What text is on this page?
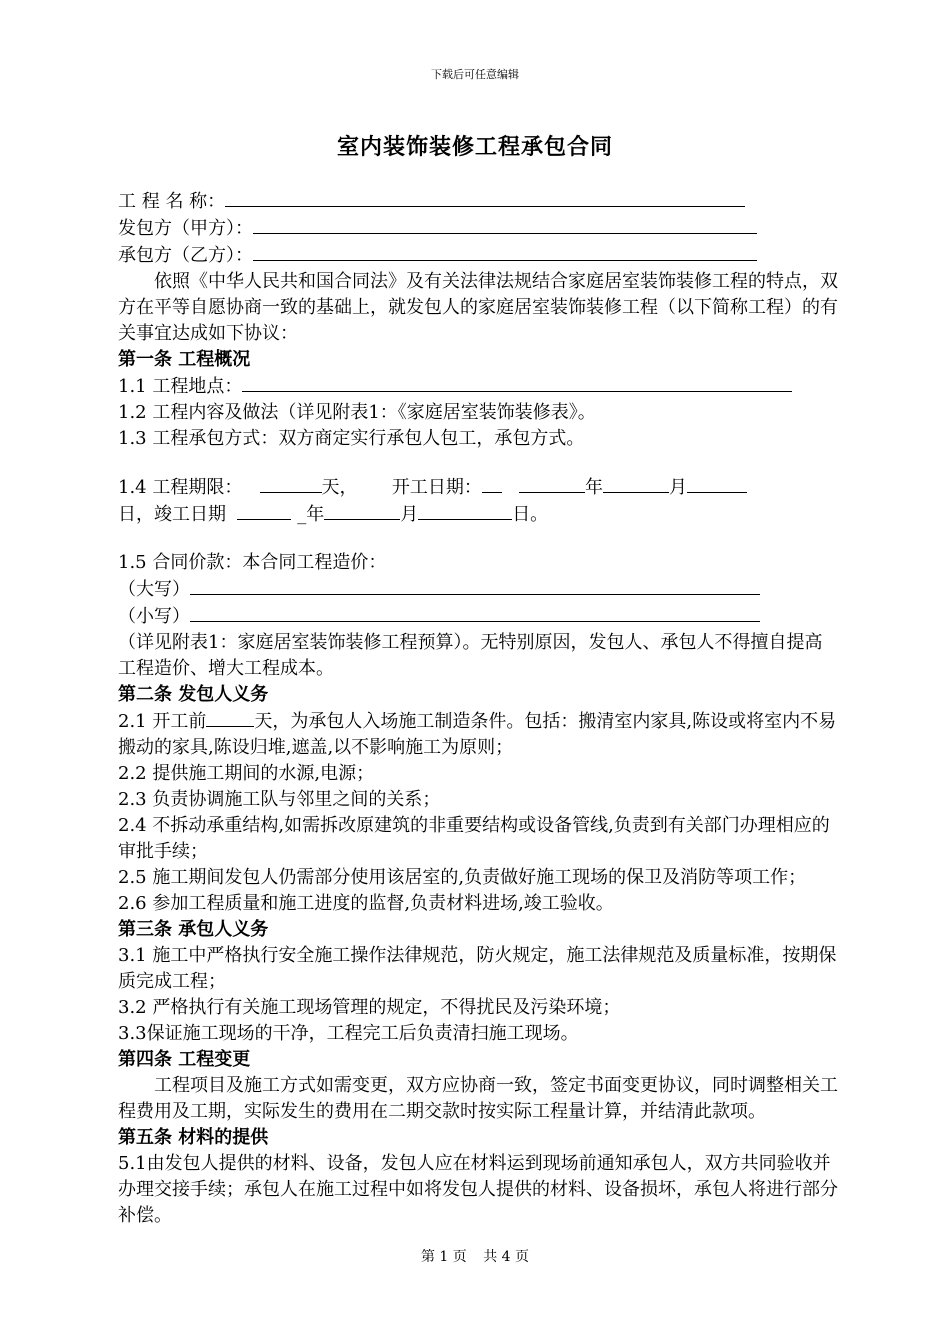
下载后可任意编辑
室内装饰装修工程承包合同

工 程 名 称：

发包方（甲方）：

承包方（乙方）：

依照《中华人民共和国合同法》及有关法律法规结合家庭居室装饰装修工程的特点，双方在平等自愿协商一致的基础上，就发包人的家庭居室装饰装修工程（以下简称工程）的有关事宜达成如下协议：

第一条 工程概况

1.1 工程地点：

1.2 工程内容及做法（详见附表1：《家庭居室装饰装修表》。

1.3 工程承包方式：双方商定实行承包人包工，承包方式。

1.4 工程期限：	天， 开工日期：	年	月
日，竣工日期	_年	月	日。

1.5 合同价款：本合同工程造价：

（大写）

（小写）

（详见附表1：家庭居室装饰装修工程预算）。无特别原因，发包人、承包人不得擅自提高工程造价、增大工程成本。

第二条 发包人义务

2.1 开工前	天，为承包人入场施工制造条件。包括：搬清室内家具,陈设或将室内不易搬动的家具,陈设归堆,遮盖,以不影响施工为原则；

2.2 提供施工期间的水源,电源；

2.3 负责协调施工队与邻里之间的关系；

2.4 不拆动承重结构,如需拆改原建筑的非重要结构或设备管线,负责到有关部门办理相应的审批手续；

2.5 施工期间发包人仍需部分使用该居室的,负责做好施工现场的保卫及消防等项工作；

2.6 参加工程质量和施工进度的监督,负责材料进场,竣工验收。

第三条 承包人义务

3.1 施工中严格执行安全施工操作法律规范，防火规定，施工法律规范及质量标准，按期保质完成工程；

3.2 严格执行有关施工现场管理的规定，不得扰民及污染环境；

3.3保证施工现场的干净，工程完工后负责清扫施工现场。

第四条 工程变更

工程项目及施工方式如需变更，双方应协商一致，签定书面变更协议，同时调整相关工程费用及工期，实际发生的费用在二期交款时按实际工程量计算，并结清此款项。

第五条 材料的提供

5.1由发包人提供的材料、设备，发包人应在材料运到现场前通知承包人，双方共同验收并办理交接手续；承包人在施工过程中如将发包人提供的材料、设备损坏，承包人将进行部分补偿。

第 1 页 共 4 页
